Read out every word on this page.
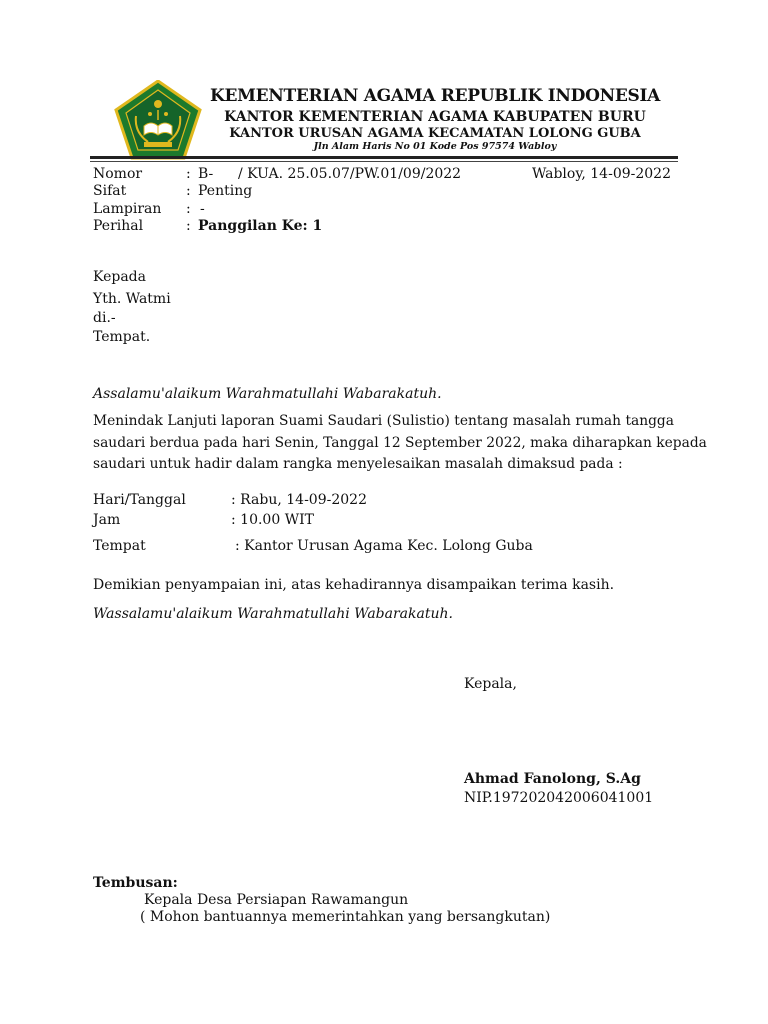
KEMENTERIAN AGAMA REPUBLIK INDONESIA
KANTOR KEMENTERIAN AGAMA KABUPATEN BURU
KANTOR URUSAN AGAMA KECAMATAN LOLONG GUBA
Jln Alam Haris No 01 Kode Pos 97574 Wabloy
Nomor	: B- / KUA. 25.05.07/PW.01/09/2022	Wabloy, 14-09-2022
Sifat	: Penting
Lampiran : -
Perihal	: Panggilan Ke: 1
Kepada
Yth. Watmi
di.-
Tempat.
Assalamu'alaikum Warahmatullahi Wabarakatuh.
Menindak Lanjuti laporan Suami Saudari (Sulistio) tentang masalah rumah tangga
saudari berdua pada hari Senin, Tanggal 12 September 2022, maka diharapkan kepada
saudari untuk hadir dalam rangka menyelesaikan masalah dimaksud pada :
Hari/Tanggal	: Rabu, 14-09-2022
Jam	: 10.00 WIT
Tempat	: Kantor Urusan Agama Kec. Lolong Guba
Demikian penyampaian ini, atas kehadirannya disampaikan terima kasih.
Wassalamu'alaikum Warahmatullahi Wabarakatuh.
Kepala,
Ahmad Fanolong, S.Ag
NIP.197202042006041001
Tembusan:
Kepala Desa Persiapan Rawamangun
( Mohon bantuannya memerintahkan yang bersangkutan)
